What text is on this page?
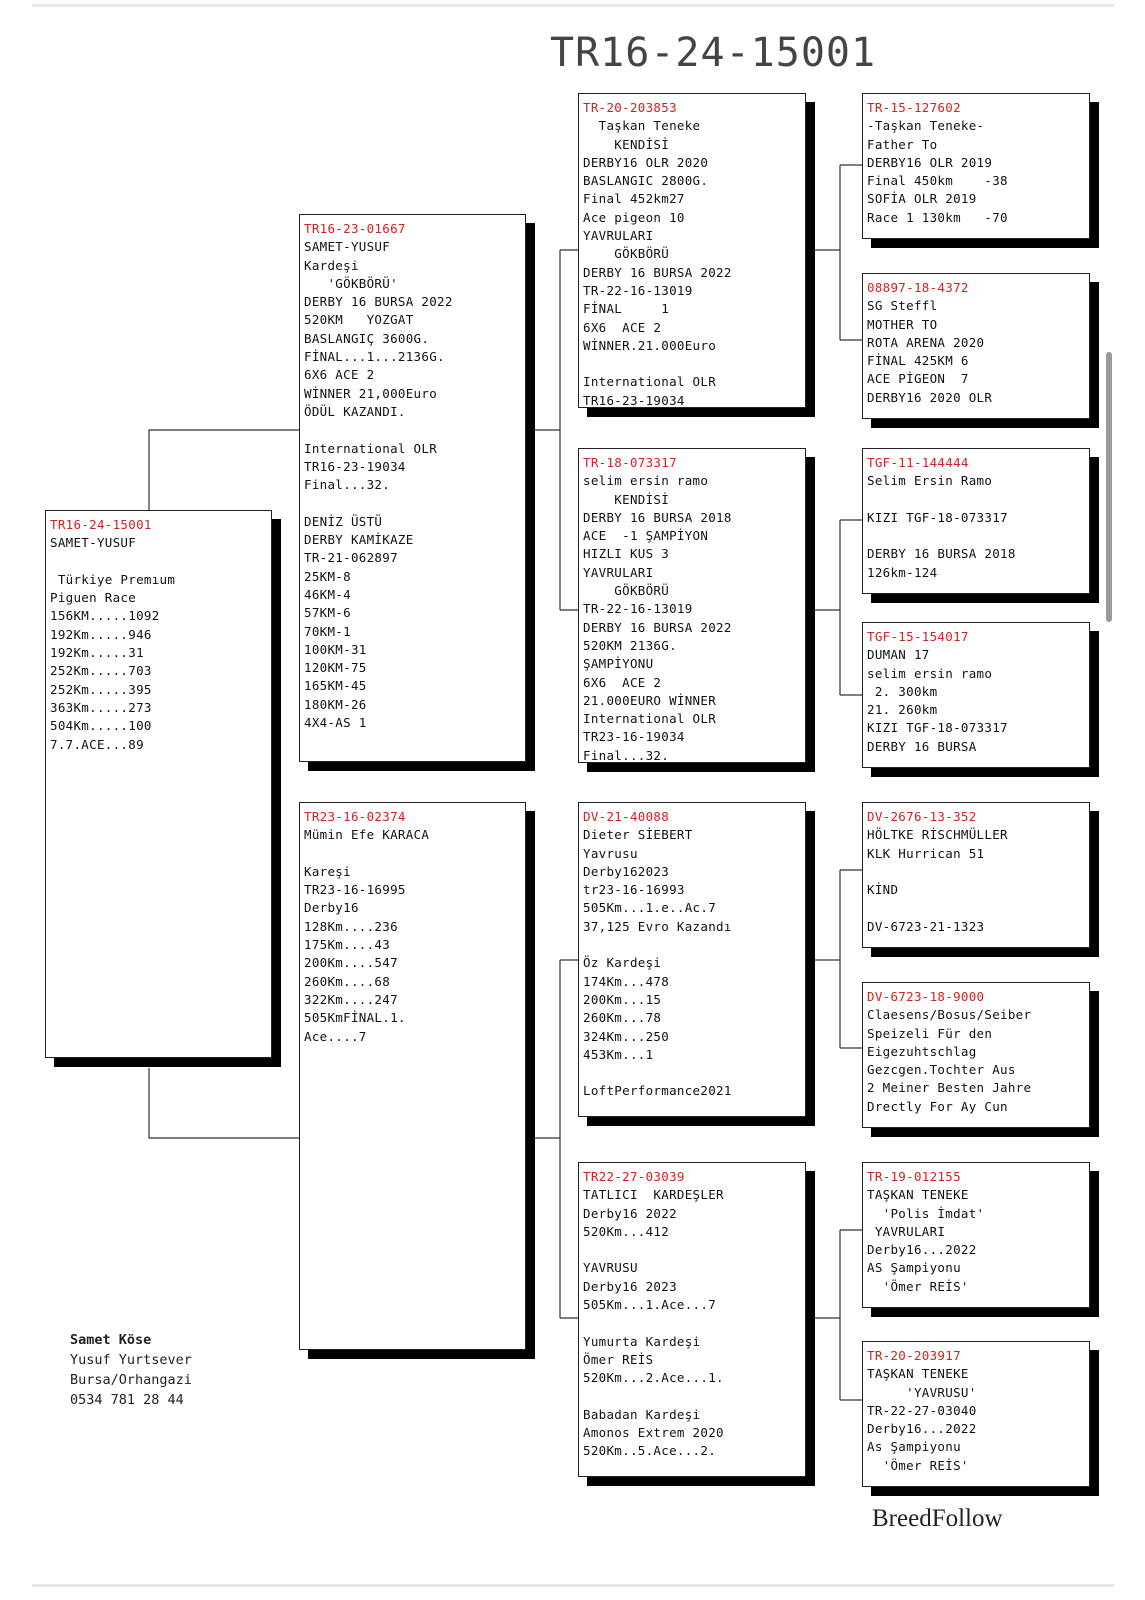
TR16-24-15001
TR16-24-15001
SAMET-YUSUF

Türkiye Premıum
Piguen Race
156KM.....1092
192Km.....946
192Km.....31
252Km.....703
252Km.....395
363Km.....273
504Km.....100
7.7.ACE...89
TR16-23-01667
SAMET-YUSUF
Kardeşi
'GÖKBÖRÜ'
DERBY 16 BURSA 2022
520KM   YOZGAT
BASLANGIÇ 3600G.
FİNAL...1...2136G.
6X6 ACE 2
WİNNER 21,000Euro
ÖDÜL KAZANDI.

International OLR
TR16-23-19034
Final...32.

DENİZ ÜSTÜ
DERBY KAMİKAZE
TR-21-062897
25KM-8
46KM-4
57KM-6
70KM-1
100KM-31
120KM-75
165KM-45
180KM-26
4X4-AS 1
TR23-16-02374
Mümin Efe KARACA

Kareşi
TR23-16-16995
Derby16
128Km....236
175Km....43
200Km....547
260Km....68
322Km....247
505KmFİNAL.1.
Ace....7
TR-20-203853
Taşkan Teneke
KENDİSİ
DERBY16 OLR 2020
BASLANGIC 2800G.
Final 452km27
Ace pigeon 10
YAVRULARI
GÖKBÖRÜ
DERBY 16 BURSA 2022
TR-22-16-13019
FİNAL     1
6X6  ACE 2
WİNNER.21.000Euro

International OLR
TR16-23-19034
TR-18-073317
selim ersin ramo
KENDİSİ
DERBY 16 BURSA 2018
ACE  -1 ŞAMPİYON
HIZLI KUS 3
YAVRULARI
GÖKBÖRÜ
TR-22-16-13019
DERBY 16 BURSA 2022
520KM 2136G.
ŞAMPİYONU
6X6  ACE 2
21.000EURO WİNNER
International OLR
TR23-16-19034
Final...32.
DV-21-40088
Dieter SİEBERT
Yavrusu
Derby162023
tr23-16-16993
505Km...1.e..Ac.7
37,125 Evro Kazandı

Öz Kardeşi
174Km...478
200Km...15
260Km...78
324Km...250
453Km...1

LoftPerformance2021
TR22-27-03039
TATLICI  KARDEŞLER
Derby16 2022
520Km...412

YAVRUSU
Derby16 2023
505Km...1.Ace...7

Yumurta Kardeşi
Ömer REİS
520Km...2.Ace...1.

Babadan Kardeşi
Amonos Extrem 2020
520Km..5.Ace...2.
TR-15-127602
-Taşkan Teneke-
Father To
DERBY16 OLR 2019
Final 450km    -38
SOFİA OLR 2019
Race 1 130km   -70
08897-18-4372
SG Steffl
MOTHER TO
ROTA ARENA 2020
FİNAL 425KM 6
ACE PİGEON  7
DERBY16 2020 OLR
TGF-11-144444
Selim Ersin Ramo

KIZI TGF-18-073317

DERBY 16 BURSA 2018
126km-124
TGF-15-154017
DUMAN 17
selim ersin ramo
2. 300km
21. 260km
KIZI TGF-18-073317
DERBY 16 BURSA
DV-2676-13-352
HÖLTKE RİSCHMÜLLER
KLK Hurrican 51

KİND

DV-6723-21-1323
DV-6723-18-9000
Claesens/Bosus/Seiber
Speizeli Für den
Eigezuhtschlag
Gezcgen.Tochter Aus
2 Meiner Besten Jahre
Drectly For Ay Cun
TR-19-012155
TAŞKAN TENEKE
'Polis İmdat'
YAVRULARI
Derby16...2022
AS Şampiyonu
'Ömer REİS'
TR-20-203917
TAŞKAN TENEKE
'YAVRUSU'
TR-22-27-03040
Derby16...2022
As Şampiyonu
'Ömer REİS'
Samet Köse
Yusuf Yurtsever
Bursa/Orhangazi
0534 781 28 44
BreedFollow
